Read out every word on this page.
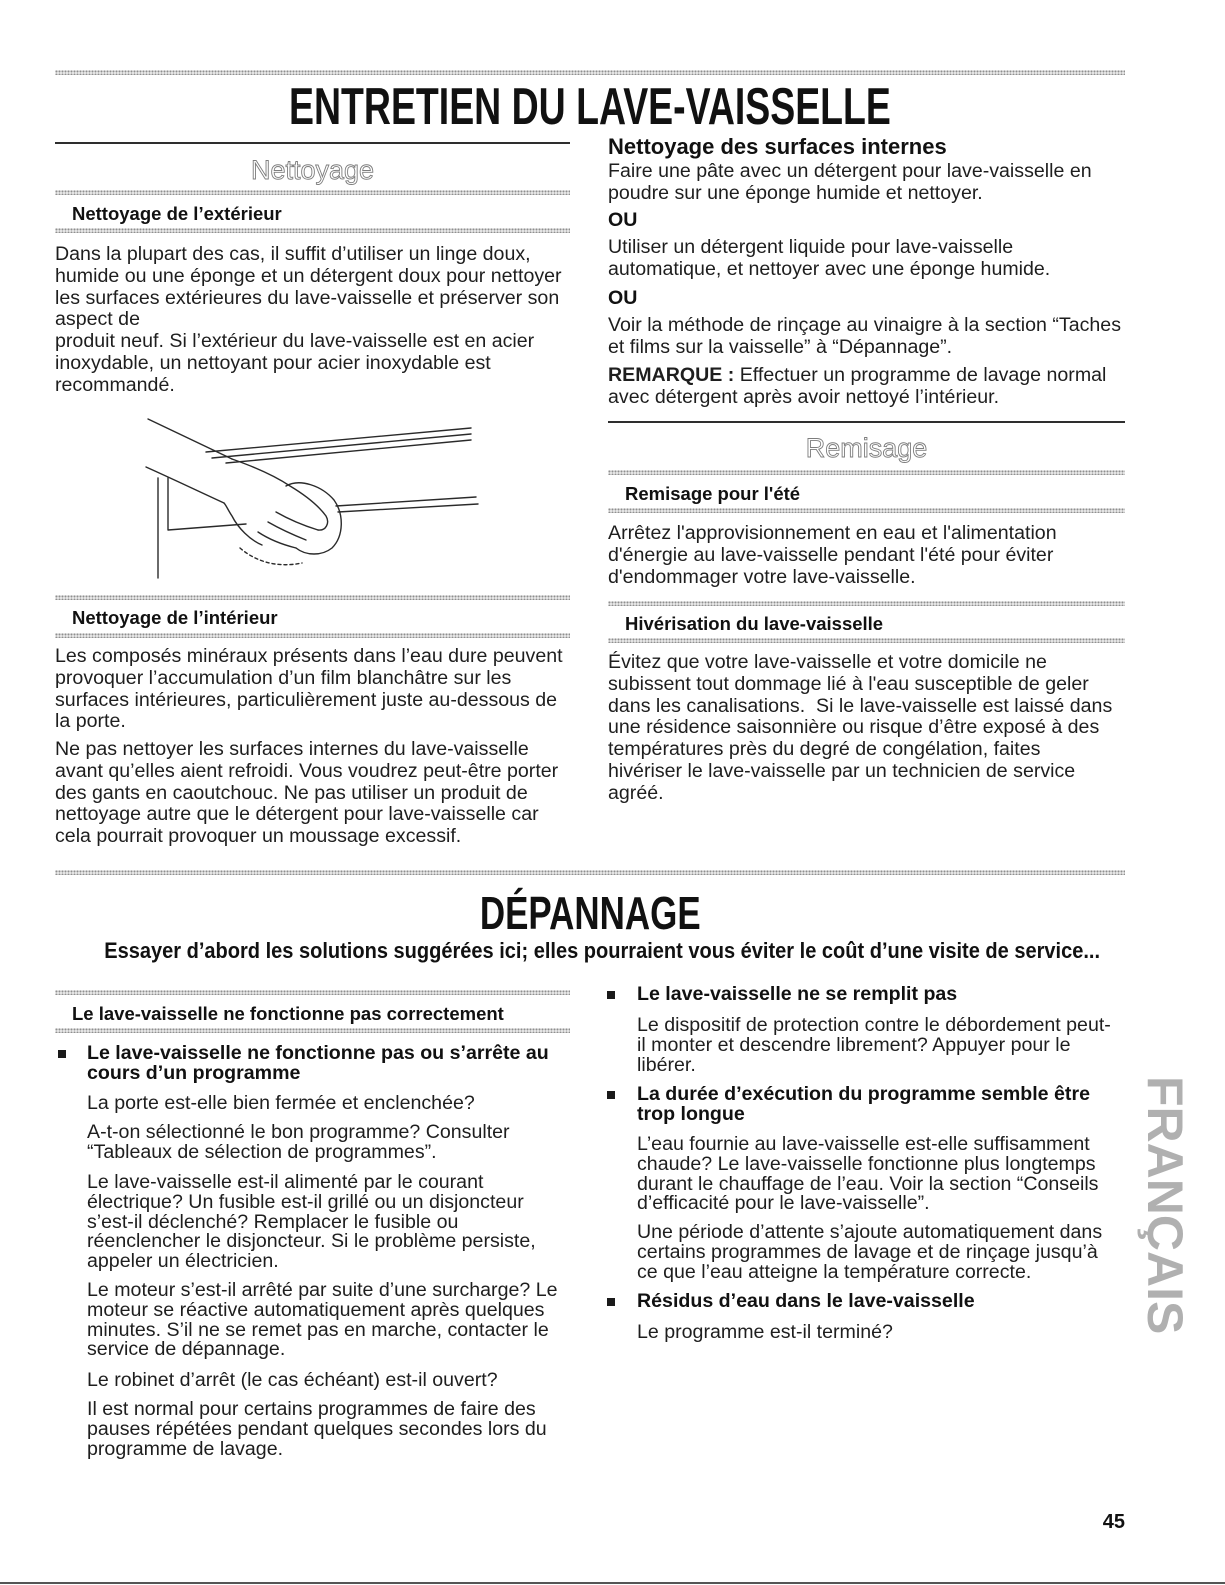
ENTRETIEN DU LAVE-VAISSELLE
Nettoyage
Nettoyage de l’extérieur
Dans la plupart des cas, il suffit d’utiliser un linge doux,
humide ou une éponge et un détergent doux pour nettoyer
les surfaces extérieures du lave-vaisselle et préserver son
aspect de
produit neuf. Si l’extérieur du lave-vaisselle est en acier
inoxydable, un nettoyant pour acier inoxydable est
recommandé.
Nettoyage de l’intérieur
Les composés minéraux présents dans l’eau dure peuvent
provoquer l’accumulation d’un film blanchâtre sur les
surfaces intérieures, particulièrement juste au-dessous de
la porte.
Ne pas nettoyer les surfaces internes du lave-vaisselle
avant qu’elles aient refroidi. Vous voudrez peut-être porter
des gants en caoutchouc. Ne pas utiliser un produit de
nettoyage autre que le détergent pour lave-vaisselle car
cela pourrait provoquer un moussage excessif.
Nettoyage des surfaces internes
Faire une pâte avec un détergent pour lave-vaisselle en
poudre sur une éponge humide et nettoyer.
OU
Utiliser un détergent liquide pour lave-vaisselle
automatique, et nettoyer avec une éponge humide.
OU
Voir la méthode de rinçage au vinaigre à la section “Taches
et films sur la vaisselle” à “Dépannage”.
REMARQUE : Effectuer un programme de lavage normal
avec détergent après avoir nettoyé l’intérieur.
Remisage
Remisage pour l'été
Arrêtez l'approvisionnement en eau et l'alimentation
d'énergie au lave-vaisselle pendant l'été pour éviter
d'endommager votre lave-vaisselle.
Hivérisation du lave-vaisselle
Évitez que votre lave-vaisselle et votre domicile ne
subissent tout dommage lié à l'eau susceptible de geler
dans les canalisations.  Si le lave-vaisselle est laissé dans
une résidence saisonnière ou risque d’être exposé à des
températures près du degré de congélation, faites
hivériser le lave-vaisselle par un technicien de service
agréé.
DÉPANNAGE
Essayer d’abord les solutions suggérées ici; elles pourraient vous éviter le coût d’une visite de service...
Le lave-vaisselle ne fonctionne pas correctement
Le lave-vaisselle ne fonctionne pas ou s’arrête au
cours d’un programme
La porte est-elle bien fermée et enclenchée?
A-t-on sélectionné le bon programme? Consulter
“Tableaux de sélection de programmes”.
Le lave-vaisselle est-il alimenté par le courant
électrique? Un fusible est-il grillé ou un disjoncteur
s’est-il déclenché? Remplacer le fusible ou
réenclencher le disjoncteur. Si le problème persiste,
appeler un électricien.
Le moteur s’est-il arrêté par suite d’une surcharge? Le
moteur se réactive automatiquement après quelques
minutes. S’il ne se remet pas en marche, contacter le
service de dépannage.
Le robinet d’arrêt (le cas échéant) est-il ouvert?
Il est normal pour certains programmes de faire des
pauses répétées pendant quelques secondes lors du
programme de lavage.
Le lave-vaisselle ne se remplit pas
Le dispositif de protection contre le débordement peut-
il monter et descendre librement? Appuyer pour le
libérer.
La durée d’exécution du programme semble être
trop longue
L’eau fournie au lave-vaisselle est-elle suffisamment
chaude? Le lave-vaisselle fonctionne plus longtemps
durant le chauffage de l’eau. Voir la section “Conseils
d’efficacité pour le lave-vaisselle”.
Une période d’attente s’ajoute automatiquement dans
certains programmes de lavage et de rinçage jusqu’à
ce que l’eau atteigne la température correcte.
Résidus d’eau dans le lave-vaisselle
Le programme est-il terminé?	FRANÇAIS
45
